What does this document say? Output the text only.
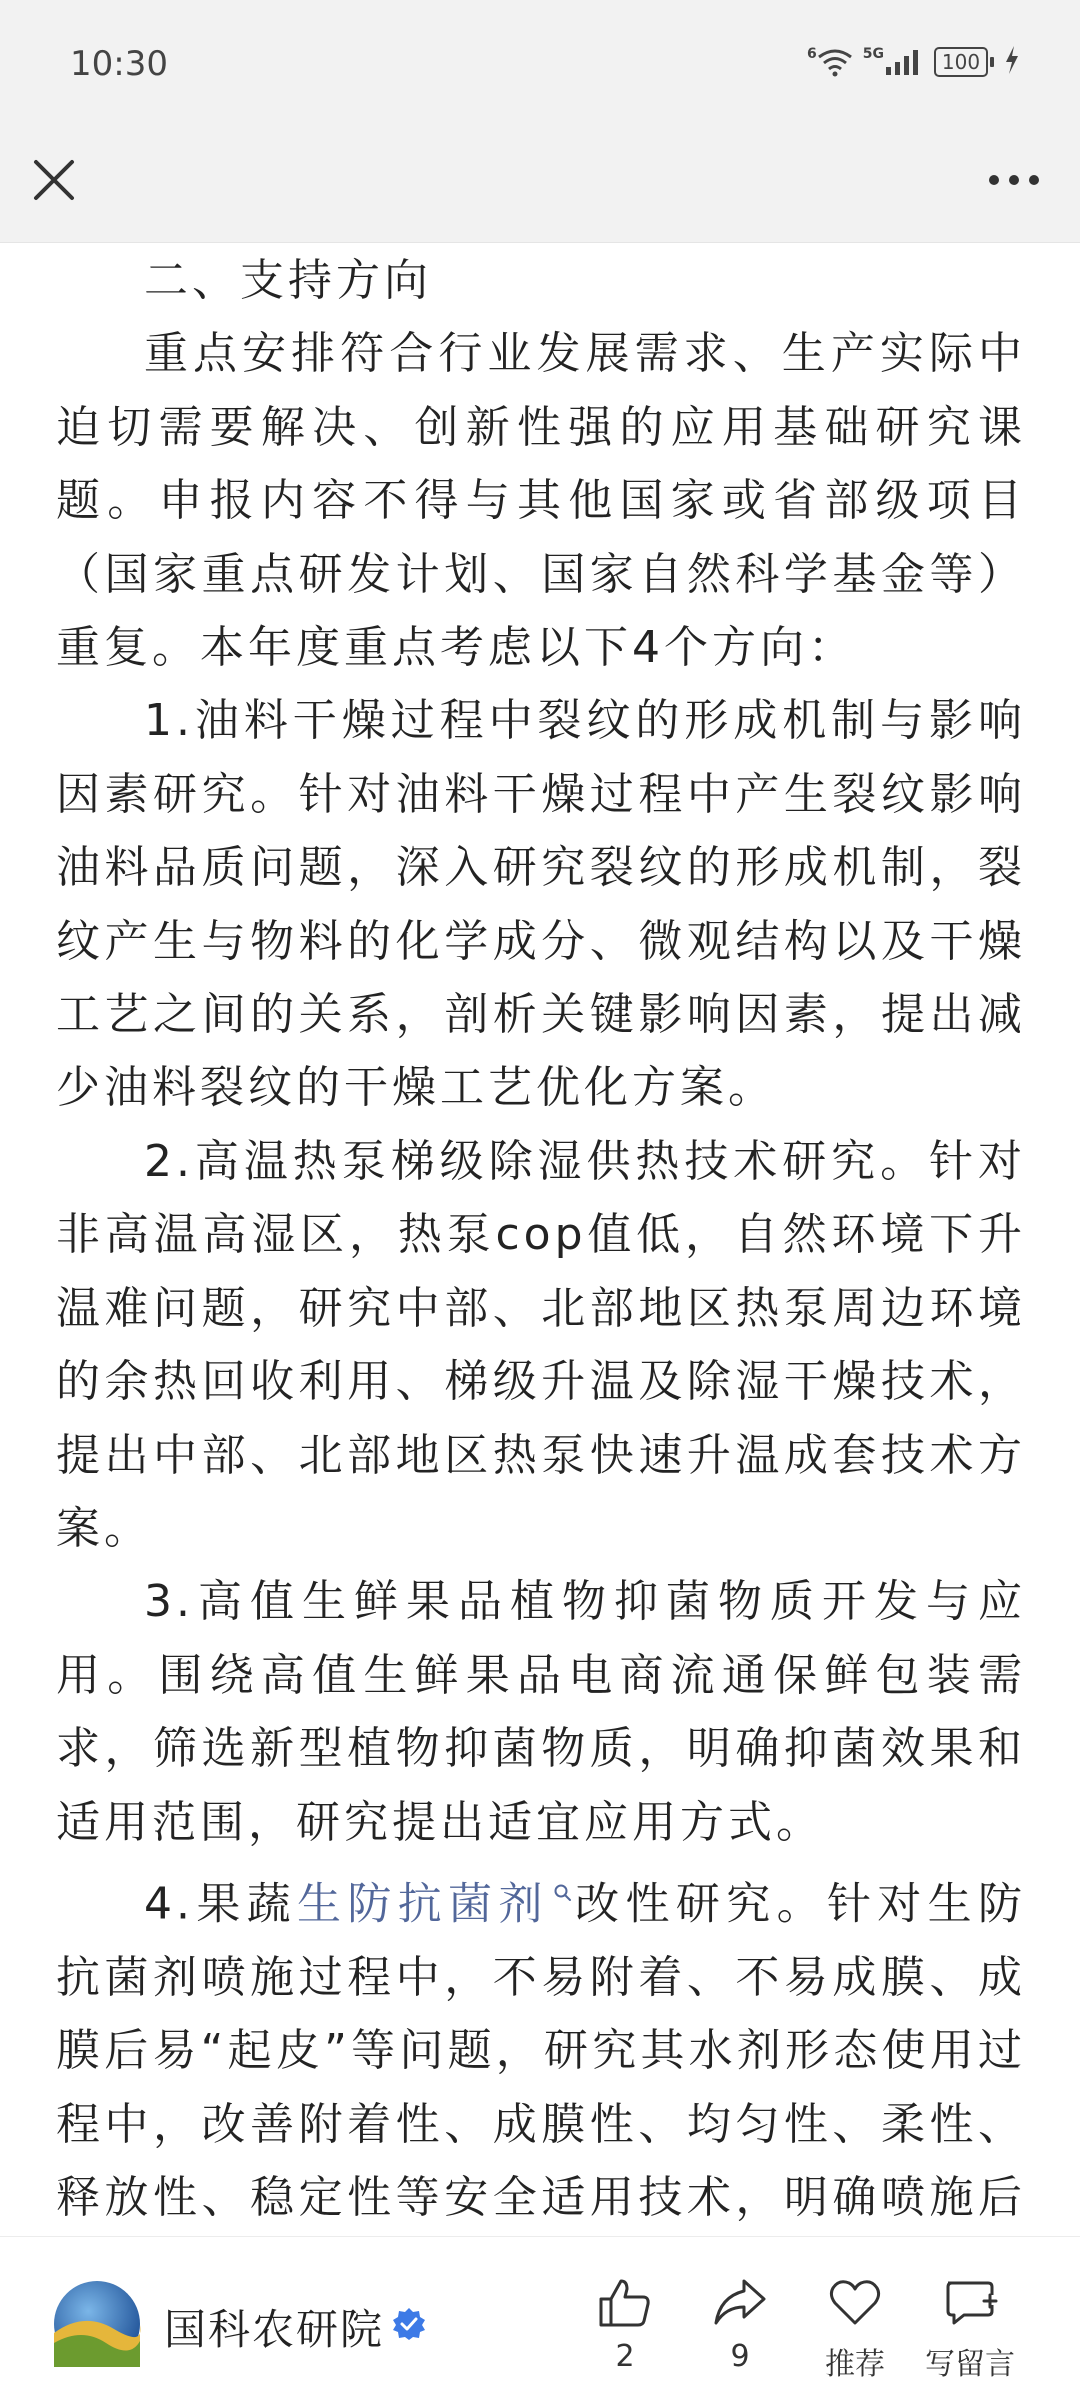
10:30	6	5G	100

二、支持方向

重点安排符合行业发展需求、生产实际中迫切需要解决、创新性强的应用基础研究课题。申报内容不得与其他国家或省部级项目（国家重点研发计划、国家自然科学基金等）重复。本年度重点考虑以下4个方向：

1.油料干燥过程中裂纹的形成机制与影响因素研究。针对油料干燥过程中产生裂纹影响油料品质问题，深入研究裂纹的形成机制，裂纹产生与物料的化学成分、微观结构以及干燥工艺之间的关系，剖析关键影响因素，提出减少油料裂纹的干燥工艺优化方案。

2.高温热泵梯级除湿供热技术研究。针对非高温高湿区，热泵cop值低，自然环境下升温难问题，研究中部、北部地区热泵周边环境的余热回收利用、梯级升温及除湿干燥技术，提出中部、北部地区热泵快速升温成套技术方案。

3.高值生鲜果品植物抑菌物质开发与应用。围绕高值生鲜果品电商流通保鲜包装需求，筛选新型植物抑菌物质，明确抑菌效果和适用范围，研究提出适宜应用方式。

4.果蔬生防抗菌剂 改性研究。针对生防抗菌剂喷施过程中，不易附着、不易成膜、成膜后易“起皮”等问题，研究其水剂形态使用过程中，改善附着性、成膜性、均匀性、柔性、释放性、稳定性等安全适用技术，明确喷施后

国科农研院
2	9	推荐	写留言
